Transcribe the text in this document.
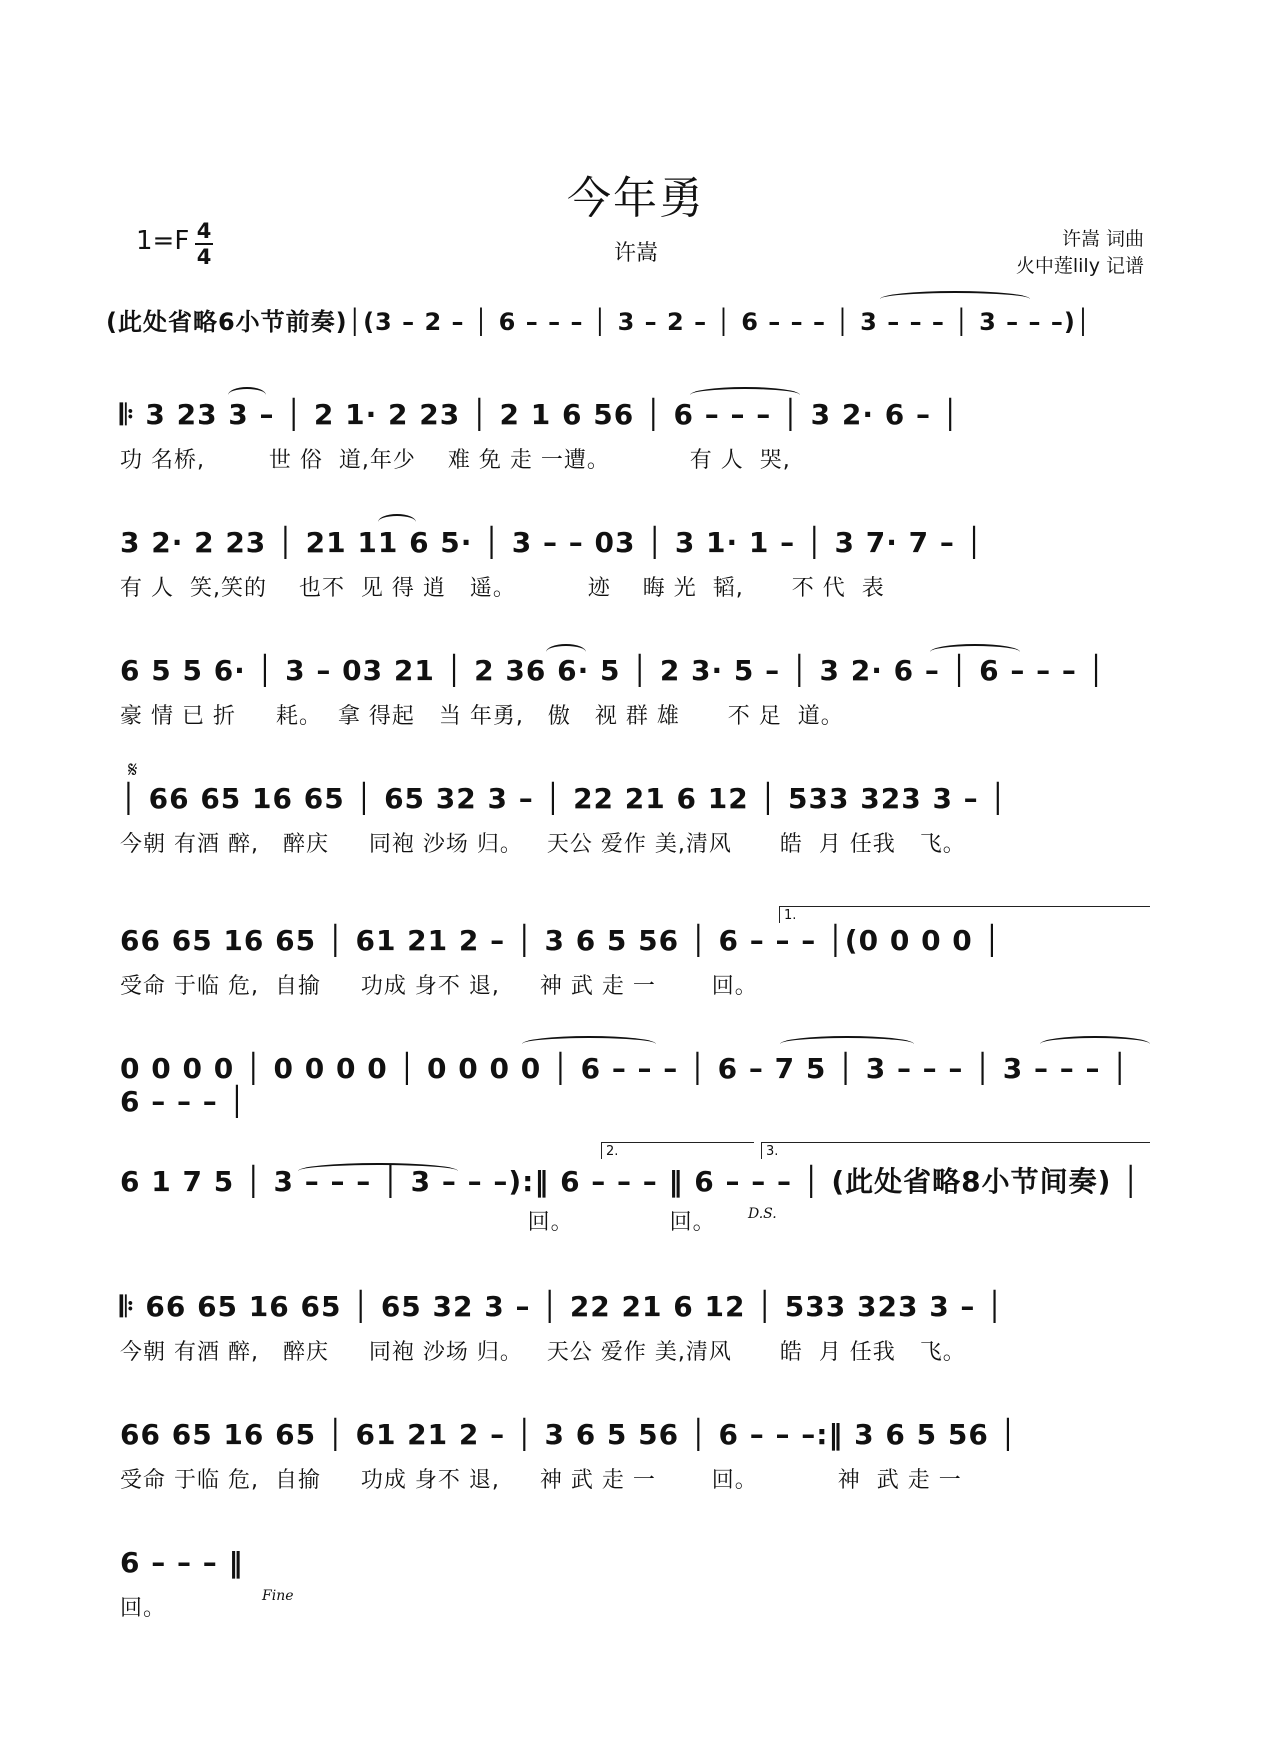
今年勇
许嵩
许嵩 词曲
火中莲lily 记谱
1=F 4
4
(此处省略6小节前奏)│(3 – 2 – │ 6 – – – │ 3 – 2 – │ 6 – – – │ 3 – – – │ 3 – – –)│
𝄆 3 23 3 – │ 2 1· 2 23 │ 2 1 6 56 │ 6 – – – │ 3 2· 6 – │
功 名桥,        世 俗  道,年少    难 免 走 一遭。          有 人  哭,
3 2· 2 23 │ 21 11 6 5· │ 3 – – 03 │ 3 1· 1 – │ 3 7· 7 – │
有 人  笑,笑的    也不  见 得 逍   遥。         迹    晦 光  韬,      不 代  表
6 5 5 6· │ 3 – 03 21 │ 2 36 6· 5 │ 2 3· 5 – │ 3 2· 6 – │ 6 – – – │
豪 情 已 折     耗。  拿 得起   当 年勇,   傲   视 群 雄      不 足  道。
│ 66 65 16 65 │ 65 32 3 – │ 22 21 6 12 │ 533 323 3 – │
今朝 有酒 醉,   醉庆     同袍 沙场 归。   天公 爱作 美,清风      皓  月 任我   飞。
66 65 16 65 │ 61 21 2 – │ 3 6 5 56 │ 6 – – – │(0 0 0 0 │
受命 于临 危,  自揄     功成 身不 退,     神 武 走 一       回。
0 0 0 0 │ 0 0 0 0 │ 0 0 0 0 │ 6 – – – │ 6 – 7 5 │ 3 – – – │ 3 – – – │ 6 – – – │
6 1 7 5 │ 3 – – – │ 3 – – –):‖ 6 – – – ‖ 6 – – – │ (此处省略8小节间奏) │
回。            回。
𝄆 66 65 16 65 │ 65 32 3 – │ 22 21 6 12 │ 533 323 3 – │
今朝 有酒 醉,   醉庆     同袍 沙场 归。   天公 爱作 美,清风      皓  月 任我   飞。
66 65 16 65 │ 61 21 2 – │ 3 6 5 56 │ 6 – – –:‖ 3 6 5 56 │
受命 于临 危,  自揄     功成 身不 退,     神 武 走 一       回。          神  武 走 一
6 – – – ‖
回。
𝄋
D.S.
Fine
1.
2.	3.
